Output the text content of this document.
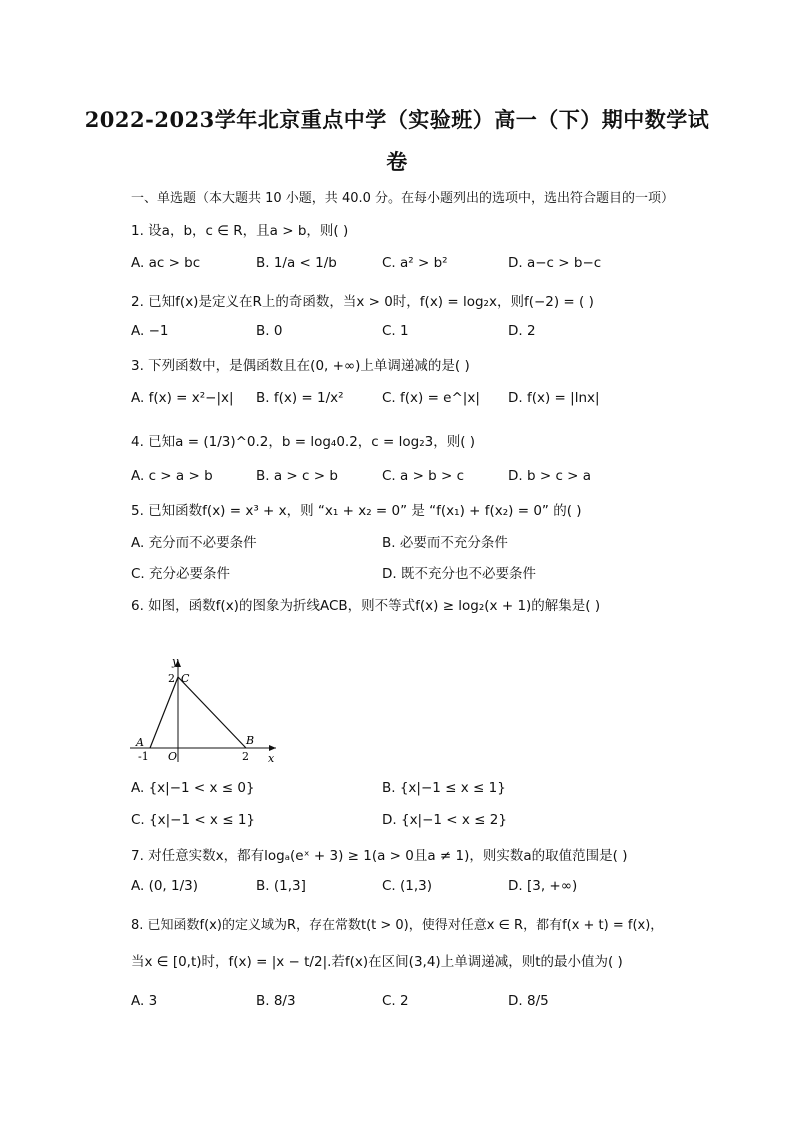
2022-2023学年北京重点中学（实验班）高一（下）期中数学试
卷
一、单选题（本大题共 10 小题，共 40.0 分。在每小题列出的选项中，选出符合题目的一项）
1. 设a，b，c ∈ R，且a > b，则( )
A. ac > bc	B. 1/a < 1/b	C. a² > b²	D. a−c > b−c
2. 已知f(x)是定义在R上的奇函数，当x > 0时，f(x) = log₂x，则f(−2) = ( )
A. −1	B. 0	C. 1	D. 2
3. 下列函数中，是偶函数且在(0, +∞)上单调递减的是( )
A. f(x) = x²−|x| B. f(x) = 1/x²	C. f(x) = e^|x| D. f(x) = |lnx|
4. 已知a = (1/3)^0.2，b = log₄0.2，c = log₂3，则( )
A. c > a > b	B. a > c > b	C. a > b > c	D. b > c > a
5. 已知函数f(x) = x³ + x，则 “x₁ + x₂ = 0” 是 “f(x₁) + f(x₂) = 0” 的( )
A. 充分而不必要条件	B. 必要而不充分条件
C. 充分必要条件	D. 既不充分也不必要条件
6. 如图，函数f(x)的图象为折线ACB，则不等式f(x) ≥ log₂(x + 1)的解集是( )
y
x
A
-1 O
B
2
C
2
A. {x|−1 < x ≤ 0}	B. {x|−1 ≤ x ≤ 1}
C. {x|−1 < x ≤ 1}	D. {x|−1 < x ≤ 2}
7. 对任意实数x，都有logₐ(eˣ + 3) ≥ 1(a > 0且a ≠ 1)，则实数a的取值范围是( )
A. (0, 1/3)	B. (1,3]	C. (1,3)	D. [3, +∞)
8. 已知函数f(x)的定义域为R，存在常数t(t > 0)，使得对任意x ∈ R，都有f(x + t) = f(x)，
当x ∈ [0,t)时，f(x) = |x − t/2|.若f(x)在区间(3,4)上单调递减，则t的最小值为( )
A. 3	B. 8/3	C. 2	D. 8/5
